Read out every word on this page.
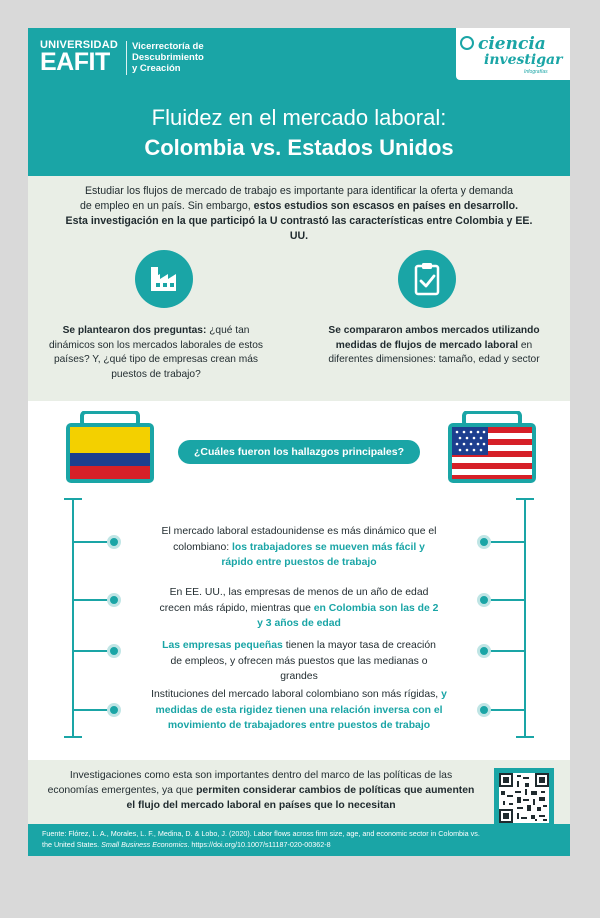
UNIVERSIDAD
EAFIT
Vicerrectoría de
Descubrimiento
y Creación
ciencia
investigar
Infografías
Fluidez en el mercado laboral:
Colombia vs. Estados Unidos
Estudiar los flujos de mercado de trabajo es importante para identificar la oferta y demanda
de empleo en un país. Sin embargo, estos estudios son escasos en países en desarrollo.
Esta investigación en la que participó la U contrastó las características entre Colombia y EE. UU.
Se plantearon dos preguntas: ¿qué tan dinámicos son los mercados laborales de estos países? Y, ¿qué tipo de empresas crean más puestos de trabajo?
Se compararon ambos mercados utilizando medidas de flujos de mercado laboral en diferentes dimensiones: tamaño, edad y sector
¿Cuáles fueron los hallazgos principales?
El mercado laboral estadounidense es más dinámico que el colombiano: los trabajadores se mueven más fácil y rápido entre puestos de trabajo
En EE. UU., las empresas de menos de un año de edad crecen más rápido, mientras que en Colombia son las de 2 y 3 años de edad
Las empresas pequeñas tienen la mayor tasa de creación de empleos, y ofrecen más puestos que las medianas o grandes
Instituciones del mercado laboral colombiano son más rígidas, y medidas de esta rigidez tienen una relación inversa con el movimiento de trabajadores entre puestos de trabajo
Investigaciones como esta son importantes dentro del marco de las políticas de las economías emergentes, ya que permiten considerar cambios de políticas que aumenten el flujo del mercado laboral en países que lo necesitan
Fuente: Flórez, L. A., Morales, L. F., Medina, D. & Lobo, J. (2020). Labor flows across firm size, age, and economic sector in Colombia vs. the United States. Small Business Economics. https://doi.org/10.1007/s11187-020-00362-8
